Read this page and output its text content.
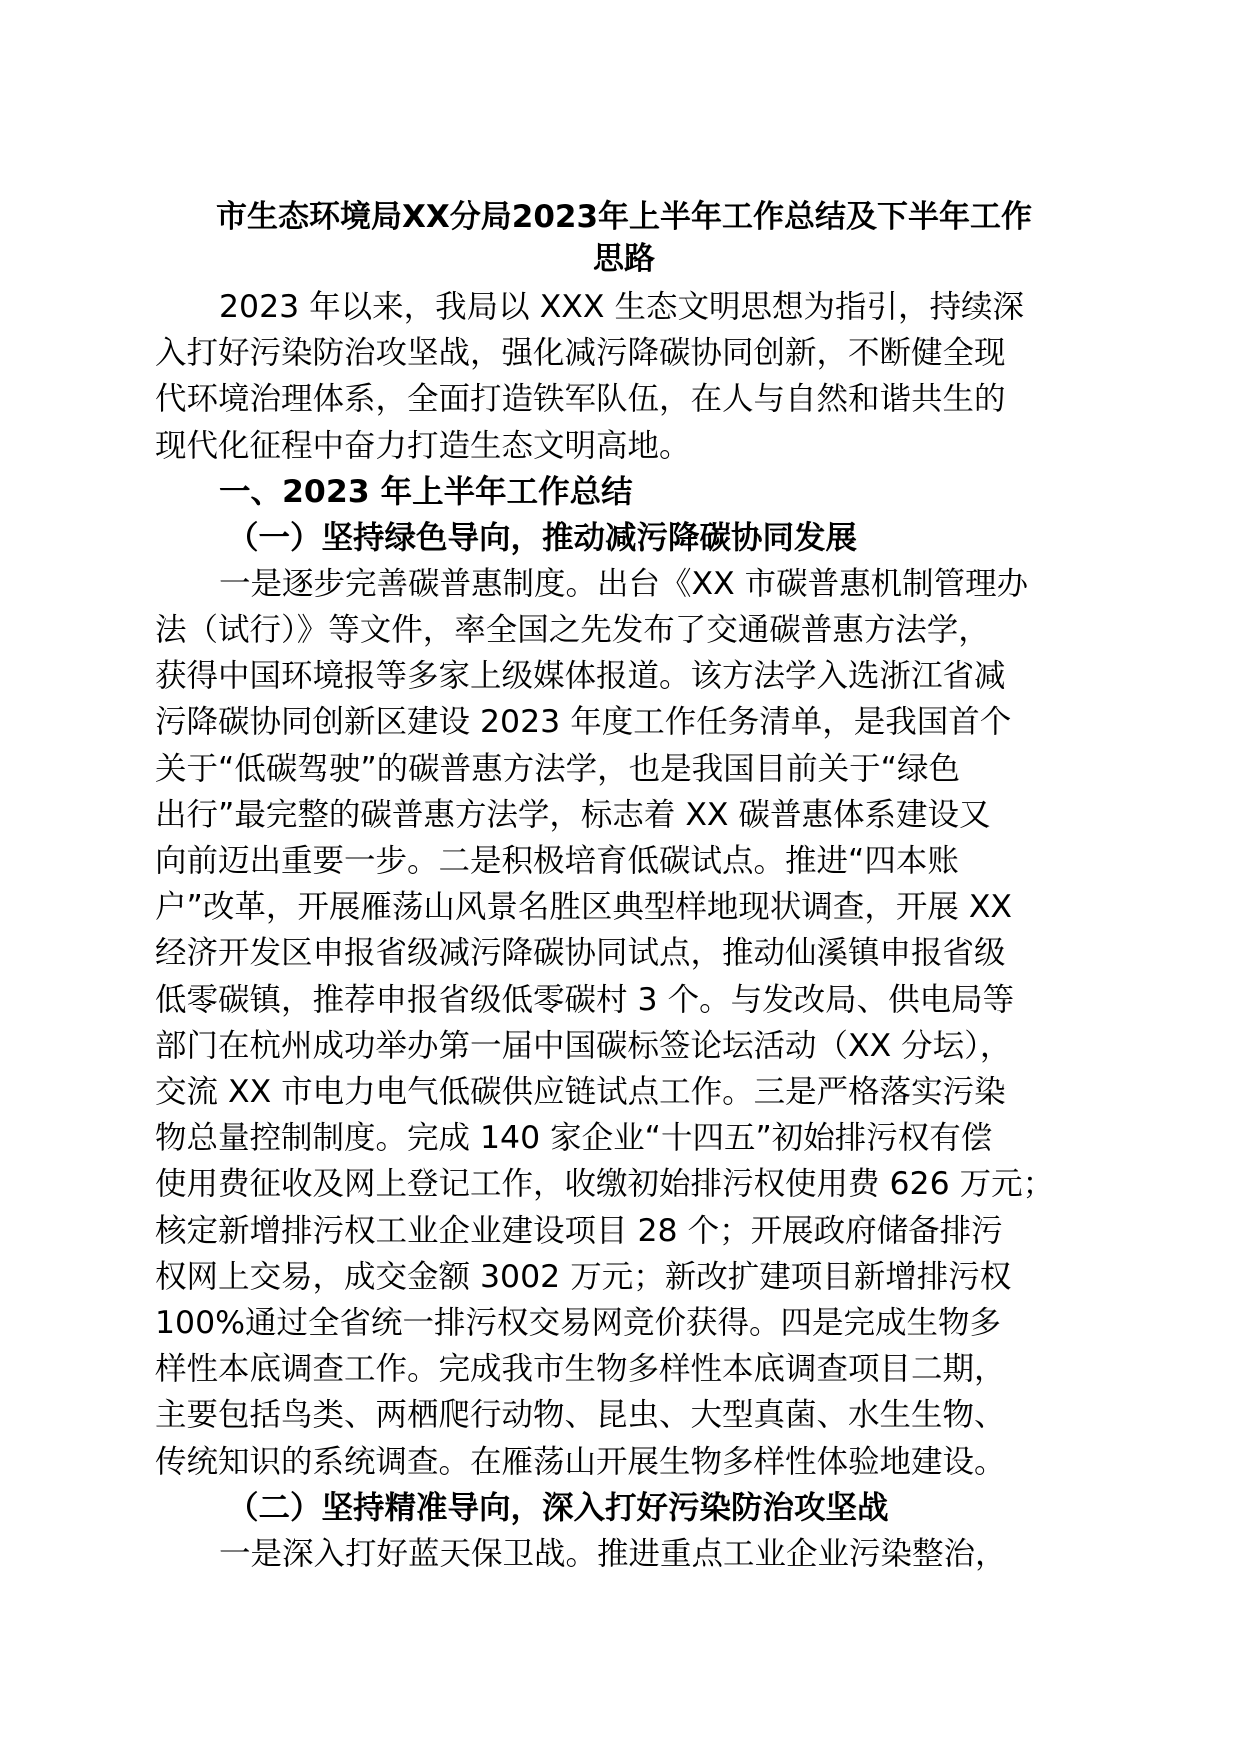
市生态环境局XX分局2023年上半年工作总结及下半年工作
思路

2023 年以来，我局以 XXX 生态文明思想为指引，持续深
入打好污染防治攻坚战，强化减污降碳协同创新，不断健全现
代环境治理体系，全面打造铁军队伍，在人与自然和谐共生的
现代化征程中奋力打造生态文明高地。

一、2023 年上半年工作总结

（一）坚持绿色导向，推动减污降碳协同发展

一是逐步完善碳普惠制度。出台《XX 市碳普惠机制管理办
法（试行）》等文件，率全国之先发布了交通碳普惠方法学，
获得中国环境报等多家上级媒体报道。该方法学入选浙江省减
污降碳协同创新区建设 2023 年度工作任务清单，是我国首个
关于“低碳驾驶”的碳普惠方法学，也是我国目前关于“绿色
出行”最完整的碳普惠方法学，标志着 XX 碳普惠体系建设又
向前迈出重要一步。二是积极培育低碳试点。推进“四本账
户”改革，开展雁荡山风景名胜区典型样地现状调查，开展 XX
经济开发区申报省级减污降碳协同试点，推动仙溪镇申报省级
低零碳镇，推荐申报省级低零碳村 3 个。与发改局、供电局等
部门在杭州成功举办第一届中国碳标签论坛活动（XX 分坛），
交流 XX 市电力电气低碳供应链试点工作。三是严格落实污染
物总量控制制度。完成 140 家企业“十四五”初始排污权有偿
使用费征收及网上登记工作，收缴初始排污权使用费 626 万元；
核定新增排污权工业企业建设项目 28 个；开展政府储备排污
权网上交易，成交金额 3002 万元；新改扩建项目新增排污权
100%通过全省统一排污权交易网竞价获得。四是完成生物多
样性本底调查工作。完成我市生物多样性本底调查项目二期，
主要包括鸟类、两栖爬行动物、昆虫、大型真菌、水生生物、
传统知识的系统调查。在雁荡山开展生物多样性体验地建设。

（二）坚持精准导向，深入打好污染防治攻坚战

一是深入打好蓝天保卫战。推进重点工业企业污染整治，
